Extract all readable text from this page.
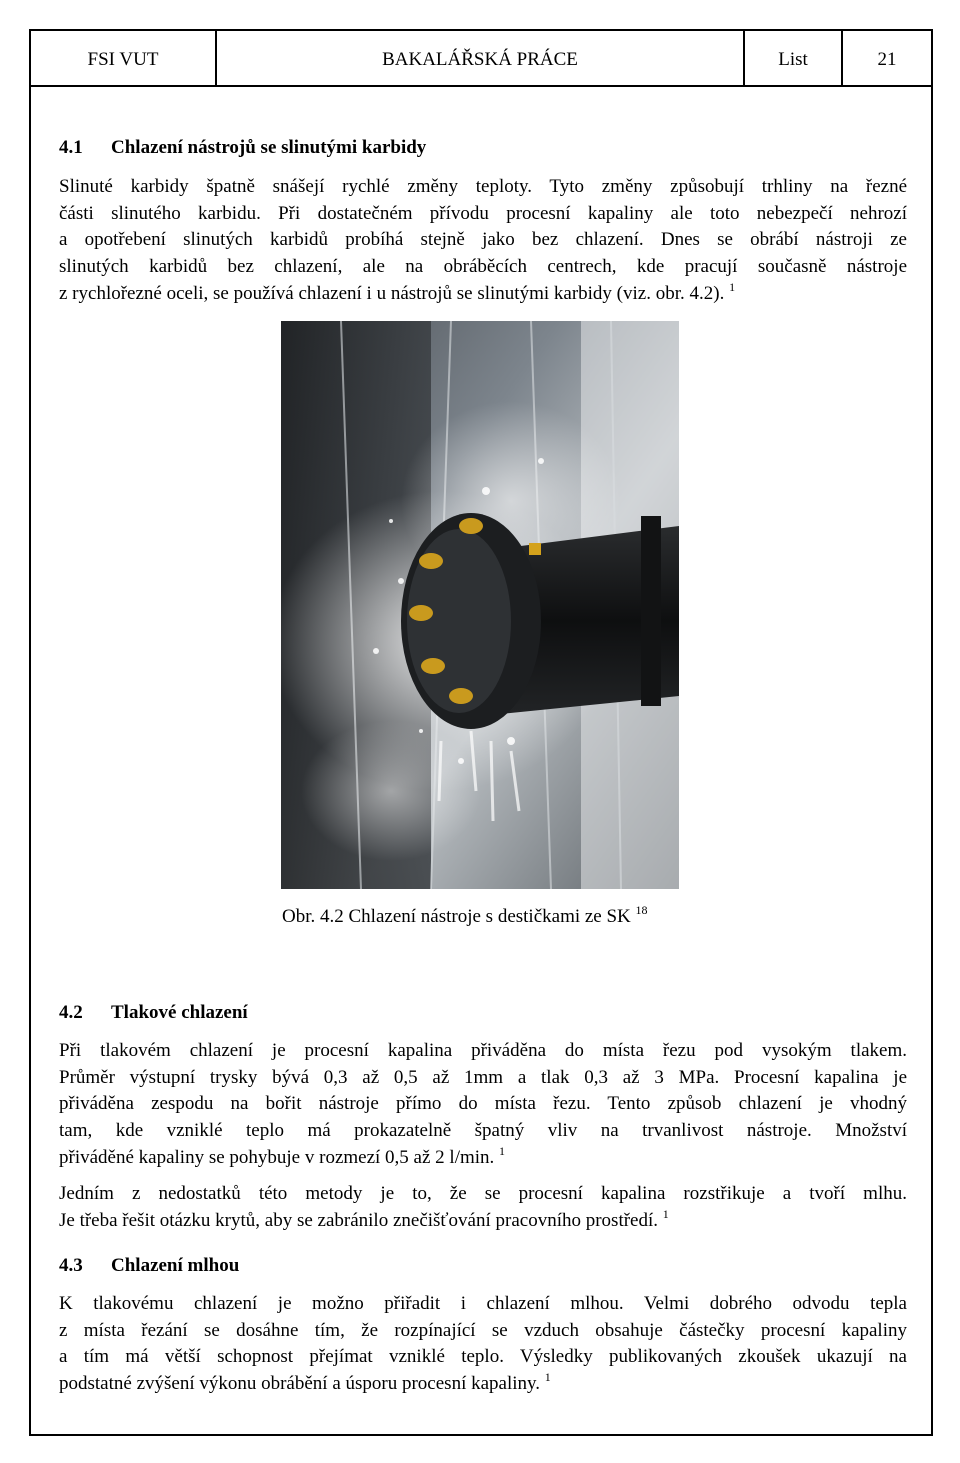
FSI VUT	BAKALÁŘSKÁ PRÁCE	List	21
4.1 Chlazení nástrojů se slinutými karbidy
Slinuté karbidy špatně snášejí rychlé změny teploty. Tyto změny způsobují trhliny na řezné
části slinutého karbidu. Při dostatečném přívodu procesní kapaliny ale toto nebezpečí nehrozí
a opotřebení slinutých karbidů probíhá stejně jako bez chlazení. Dnes se obrábí nástroji ze
slinutých karbidů bez chlazení, ale na obráběcích centrech, kde pracují současně nástroje
z rychlořezné oceli, se používá chlazení i u nástrojů se slinutými karbidy (viz. obr. 4.2). $^1$
Obr. 4.2 Chlazení nástroje s destičkami ze SK $^{18}$
4.2 Tlakové chlazení
Při tlakovém chlazení je procesní kapalina přiváděna do místa řezu pod vysokým tlakem.
Průměr výstupní trysky bývá 0,3 až 0,5 až 1mm a tlak 0,3 až 3 MPa. Procesní kapalina je
přiváděna zespodu na bořit nástroje přímo do místa řezu. Tento způsob chlazení je vhodný
tam, kde vzniklé teplo má prokazatelně špatný vliv na trvanlivost nástroje. Množství
přiváděné kapaliny se pohybuje v rozmezí 0,5 až 2 l/min. $^1$
Jedním z nedostatků této metody je to, že se procesní kapalina rozstřikuje a tvoří mlhu.
Je třeba řešit otázku krytů, aby se zabránilo znečišťování pracovního prostředí. $^1$
4.3 Chlazení mlhou
K tlakovému chlazení je možno přiřadit i chlazení mlhou. Velmi dobrého odvodu tepla
z místa řezání se dosáhne tím, že rozpínající se vzduch obsahuje částečky procesní kapaliny
a tím má větší schopnost přejímat vzniklé teplo. Výsledky publikovaných zkoušek ukazují na
podstatné zvýšení výkonu obrábění a úsporu procesní kapaliny. $^1$
